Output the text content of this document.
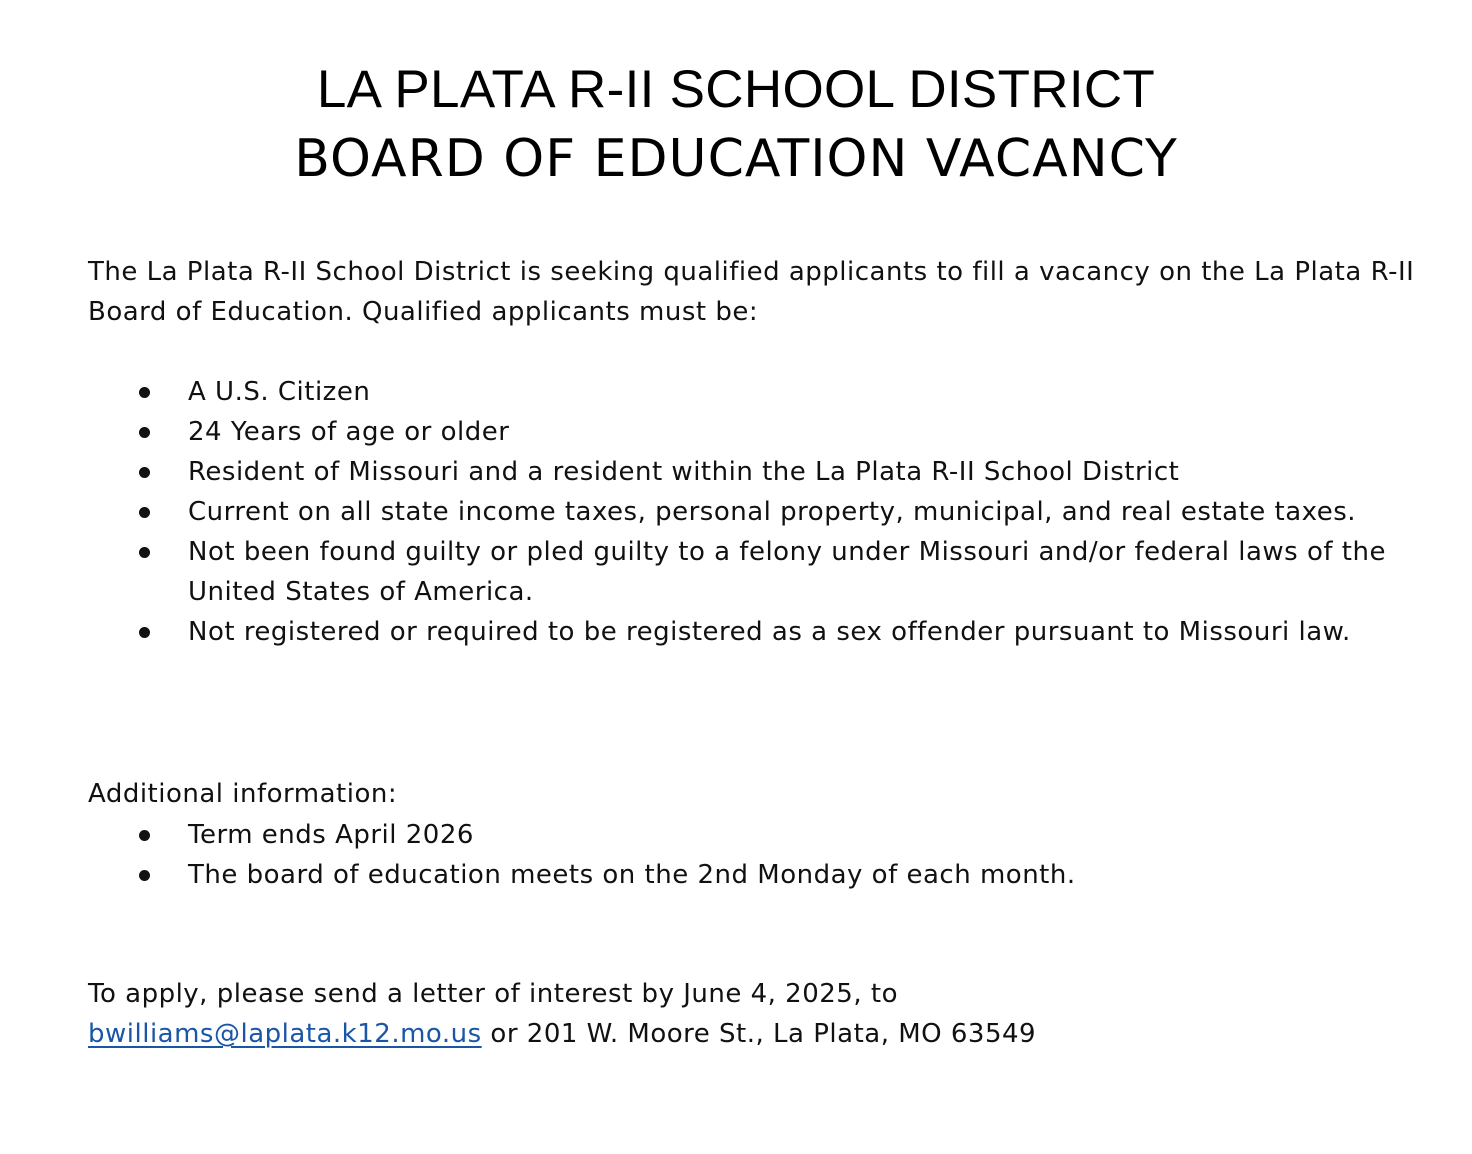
LA PLATA R-II SCHOOL DISTRICT
BOARD OF EDUCATION VACANCY

The La Plata R-II School District is seeking qualified applicants to fill a vacancy on the La Plata R-II Board of Education. Qualified applicants must be:

A U.S. Citizen
24 Years of age or older
Resident of Missouri and a resident within the La Plata R-II School District
Current on all state income taxes, personal property, municipal, and real estate taxes.
Not been found guilty or pled guilty to a felony under Missouri and/or federal laws of the United States of America.
Not registered or required to be registered as a sex offender pursuant to Missouri law.

Additional information:

Term ends April 2026
The board of education meets on the 2nd Monday of each month.

To apply, please send a letter of interest by June 4, 2025, to
bwilliams@laplata.k12.mo.us or 201 W. Moore St., La Plata, MO 63549
